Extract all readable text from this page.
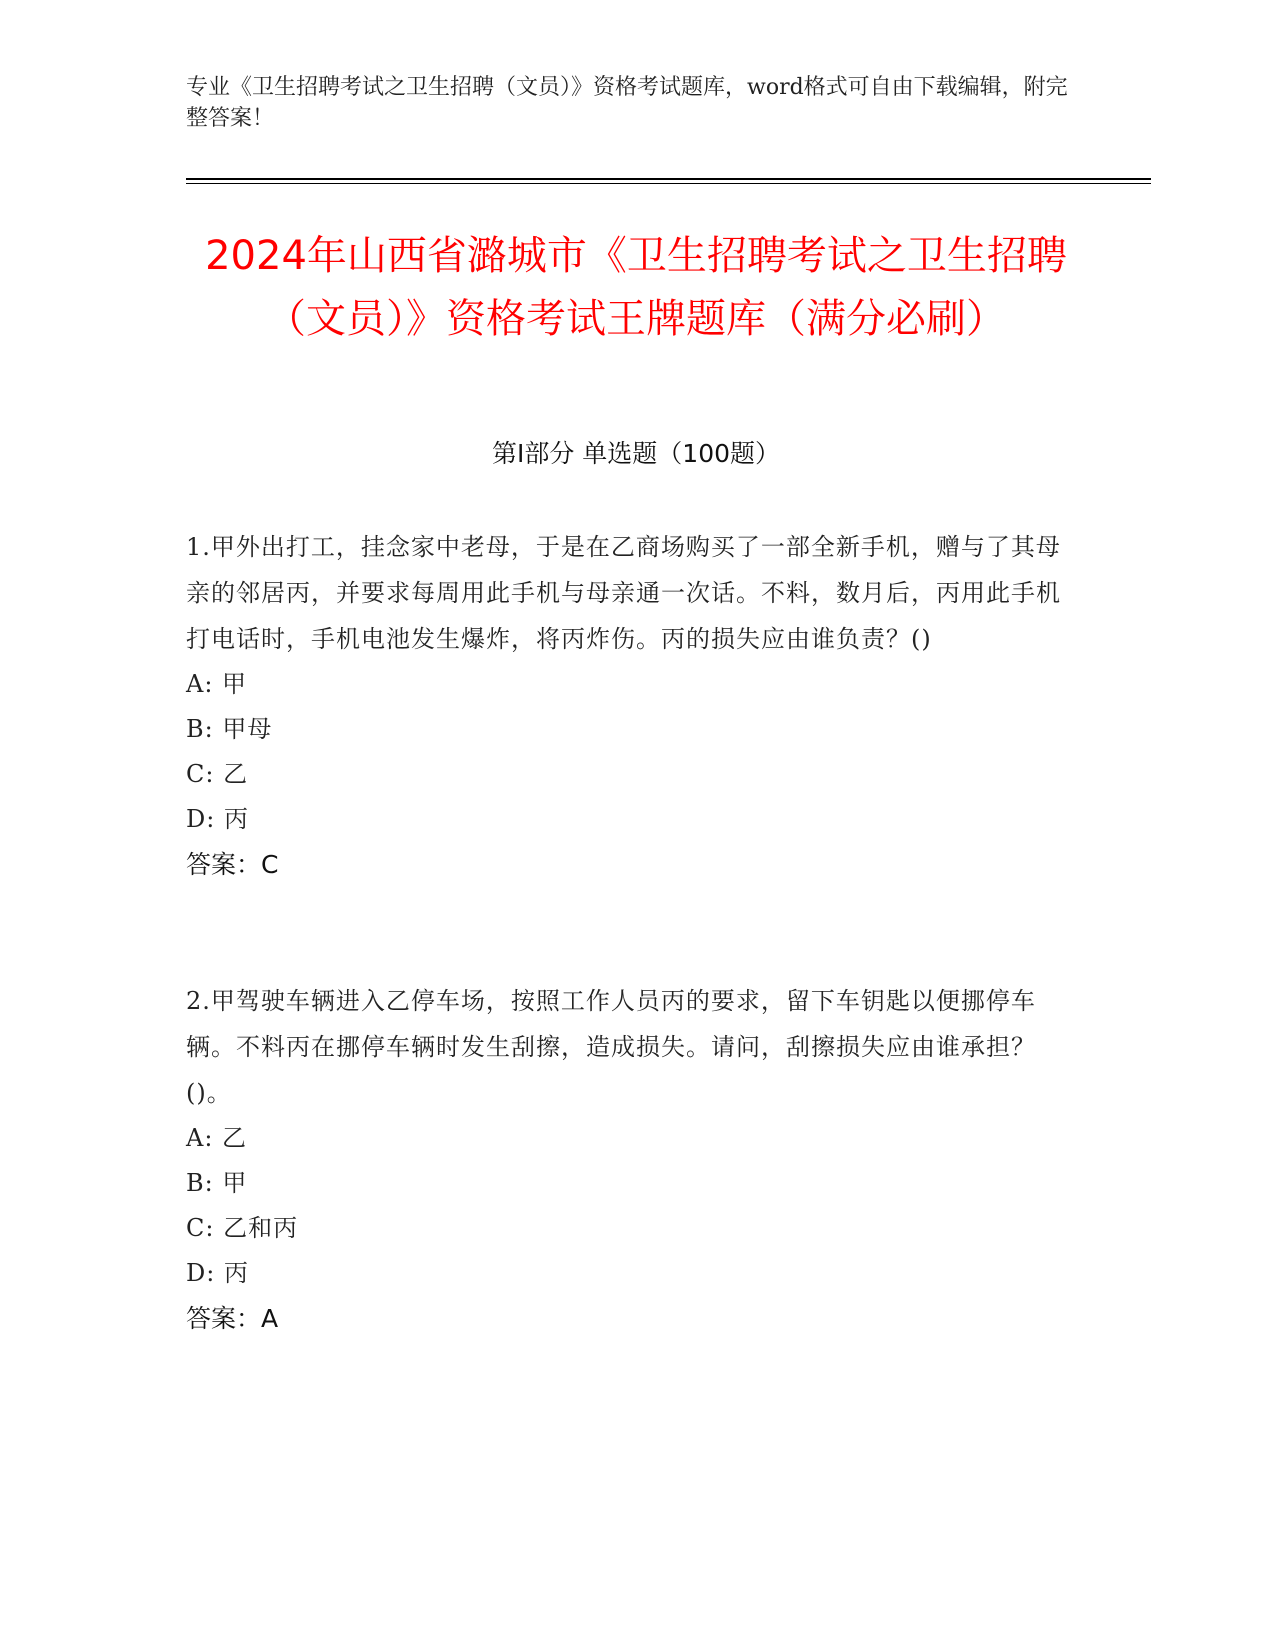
专业《卫生招聘考试之卫生招聘（文员）》资格考试题库，word格式可自由下载编辑，附完整答案！
2024年山西省潞城市《卫生招聘考试之卫生招聘（文员）》资格考试王牌题库（满分必刷）
第I部分 单选题（100题）
1.甲外出打工，挂念家中老母，于是在乙商场购买了一部全新手机，赠与了其母亲的邻居丙，并要求每周用此手机与母亲通一次话。不料，数月后，丙用此手机打电话时，手机电池发生爆炸，将丙炸伤。丙的损失应由谁负责？()
A: 甲
B: 甲母
C: 乙
D: 丙
答案：C
2.甲驾驶车辆进入乙停车场，按照工作人员丙的要求，留下车钥匙以便挪停车辆。不料丙在挪停车辆时发生刮擦，造成损失。请问，刮擦损失应由谁承担？()。
A: 乙
B: 甲
C: 乙和丙
D: 丙
答案：A
